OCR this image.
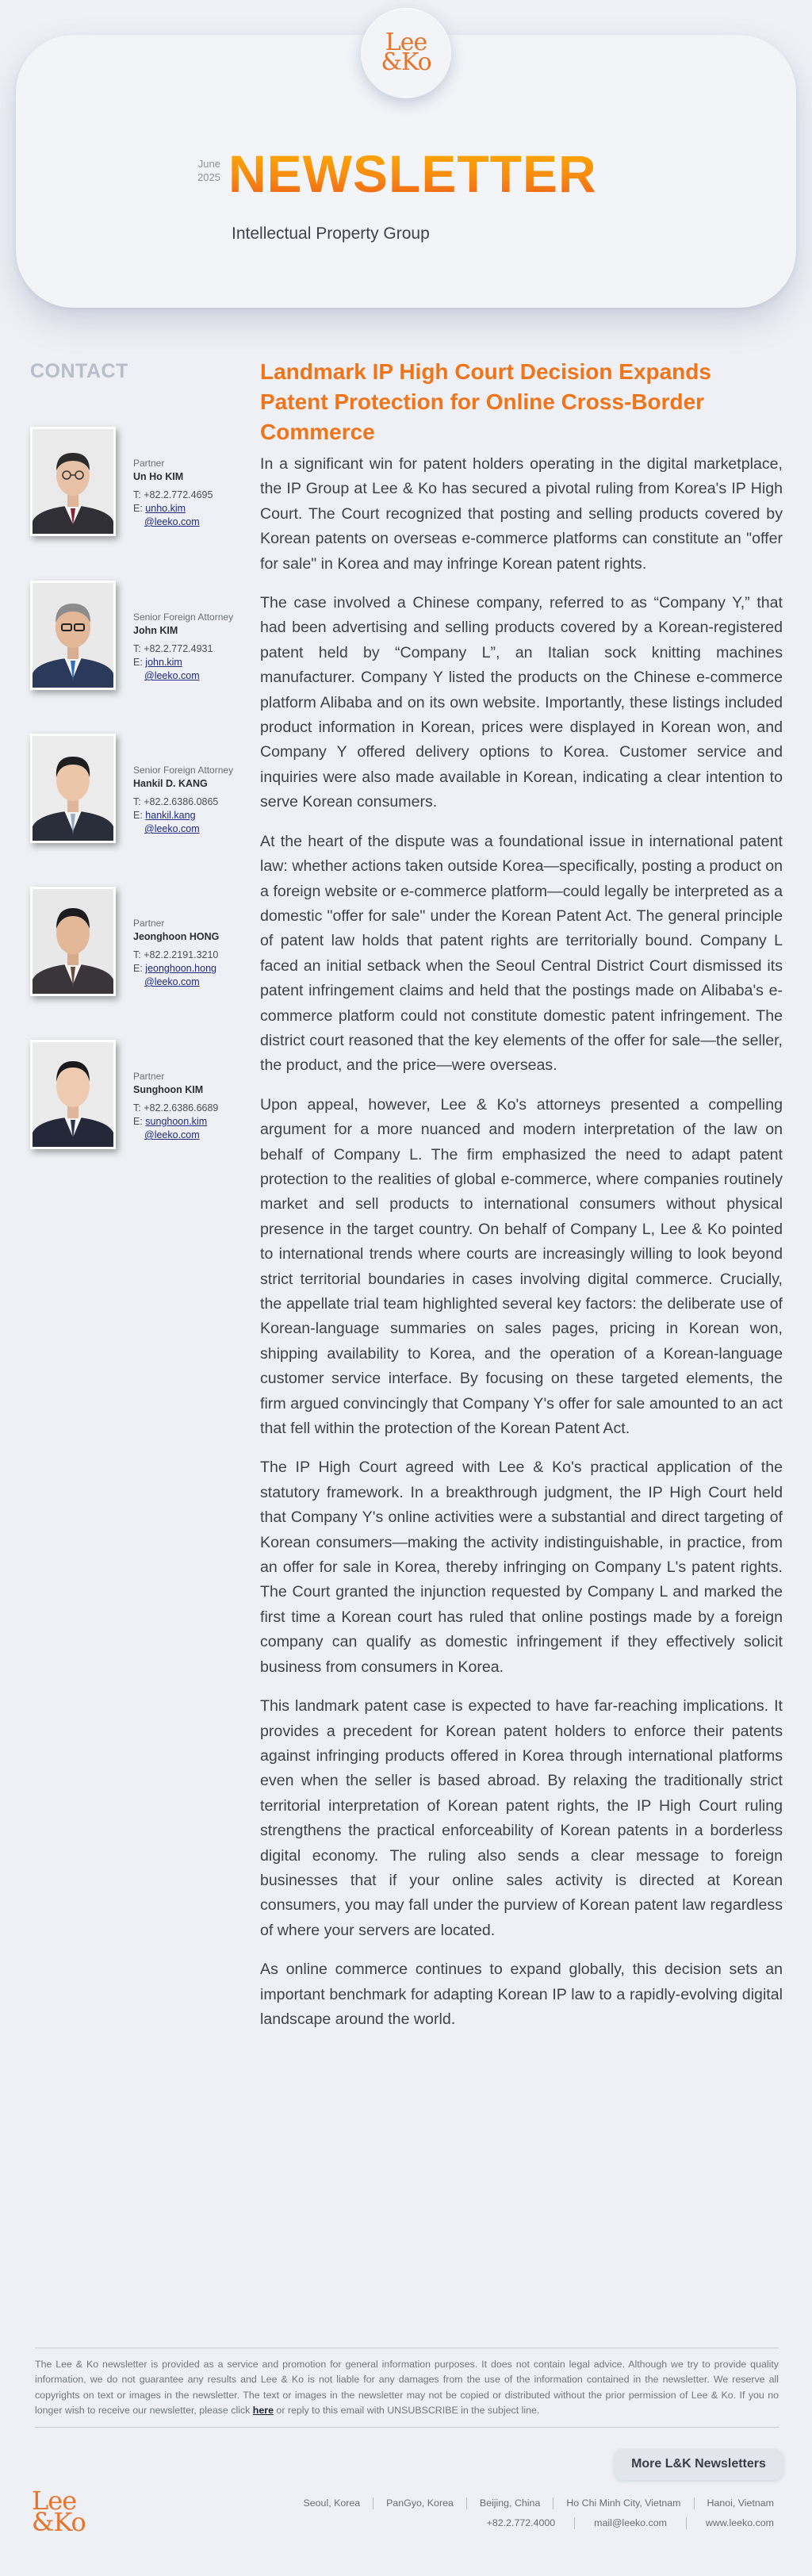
Lee
&Ko
June
2025 NEWSLETTER
Intellectual Property Group
CONTACT
Partner
Un Ho KIM
T: +82.2.772.4695
E: unho.kim
@leeko.com
Senior Foreign Attorney
John KIM
T: +82.2.772.4931
E: john.kim
@leeko.com
Senior Foreign Attorney
Hankil D. KANG
T: +82.2.6386.0865
E: hankil.kang
@leeko.com
Partner
Jeonghoon HONG
T: +82.2.2191.3210
E: jeonghoon.hong
@leeko.com
Partner
Sunghoon KIM
T: +82.2.6386.6689
E: sunghoon.kim
@leeko.com
Landmark IP High Court Decision Expands Patent Protection for Online Cross-Border Commerce

In a significant win for patent holders operating in the digital marketplace, the IP Group at Lee & Ko has secured a pivotal ruling from Korea's IP High Court. The Court recognized that posting and selling products covered by Korean patents on overseas e-commerce platforms can constitute an "offer for sale" in Korea and may infringe Korean patent rights.

The case involved a Chinese company, referred to as “Company Y,” that had been advertising and selling products covered by a Korean-registered patent held by “Company L”, an Italian sock knitting machines manufacturer. Company Y listed the products on the Chinese e-commerce platform Alibaba and on its own website. Importantly, these listings included product information in Korean, prices were displayed in Korean won, and Company Y offered delivery options to Korea. Customer service and inquiries were also made available in Korean, indicating a clear intention to serve Korean consumers.

At the heart of the dispute was a foundational issue in international patent law: whether actions taken outside Korea—specifically, posting a product on a foreign website or e-commerce platform—could legally be interpreted as a domestic "offer for sale" under the Korean Patent Act. The general principle of patent law holds that patent rights are territorially bound. Company L faced an initial setback when the Seoul Central District Court dismissed its patent infringement claims and held that the postings made on Alibaba's e-commerce platform could not constitute domestic patent infringement. The district court reasoned that the key elements of the offer for sale—the seller, the product, and the price—were overseas.

Upon appeal, however, Lee & Ko's attorneys presented a compelling argument for a more nuanced and modern interpretation of the law on behalf of Company L. The firm emphasized the need to adapt patent protection to the realities of global e-commerce, where companies routinely market and sell products to international consumers without physical presence in the target country. On behalf of Company L, Lee & Ko pointed to international trends where courts are increasingly willing to look beyond strict territorial boundaries in cases involving digital commerce. Crucially, the appellate trial team highlighted several key factors: the deliberate use of Korean-language summaries on sales pages, pricing in Korean won, shipping availability to Korea, and the operation of a Korean-language customer service interface. By focusing on these targeted elements, the firm argued convincingly that Company Y's offer for sale amounted to an act that fell within the protection of the Korean Patent Act.

The IP High Court agreed with Lee & Ko's practical application of the statutory framework. In a breakthrough judgment, the IP High Court held that Company Y's online activities were a substantial and direct targeting of Korean consumers—making the activity indistinguishable, in practice, from an offer for sale in Korea, thereby infringing on Company L's patent rights. The Court granted the injunction requested by Company L and marked the first time a Korean court has ruled that online postings made by a foreign company can qualify as domestic infringement if they effectively solicit business from consumers in Korea.

This landmark patent case is expected to have far-reaching implications. It provides a precedent for Korean patent holders to enforce their patents against infringing products offered in Korea through international platforms even when the seller is based abroad. By relaxing the traditionally strict territorial interpretation of Korean patent rights, the IP High Court ruling strengthens the practical enforceability of Korean patents in a borderless digital economy. The ruling also sends a clear message to foreign businesses that if your online sales activity is directed at Korean consumers, you may fall under the purview of Korean patent law regardless of where your servers are located.

As online commerce continues to expand globally, this decision sets an important benchmark for adapting Korean IP law to a rapidly-evolving digital landscape around the world.

The Lee & Ko newsletter is provided as a service and promotion for general information purposes. It does not contain legal advice. Although we try to provide quality information, we do not guarantee any results and Lee & Ko is not liable for any damages from the use of the information contained in the newsletter. We reserve all copyrights on text or images in the newsletter. The text or images in the newsletter may not be copied or distributed without the prior permission of Lee & Ko. If you no longer wish to receive our newsletter, please click here or reply to this email with UNSUBSCRIBE in the subject line.
More L&K Newsletters
Lee
&Ko
Seoul, Korea	PanGyo, Korea	Beijing, China	Ho Chi Minh City, Vietnam	Hanoi, Vietnam
+82.2.772.4000	mail@leeko.com	www.leeko.com
